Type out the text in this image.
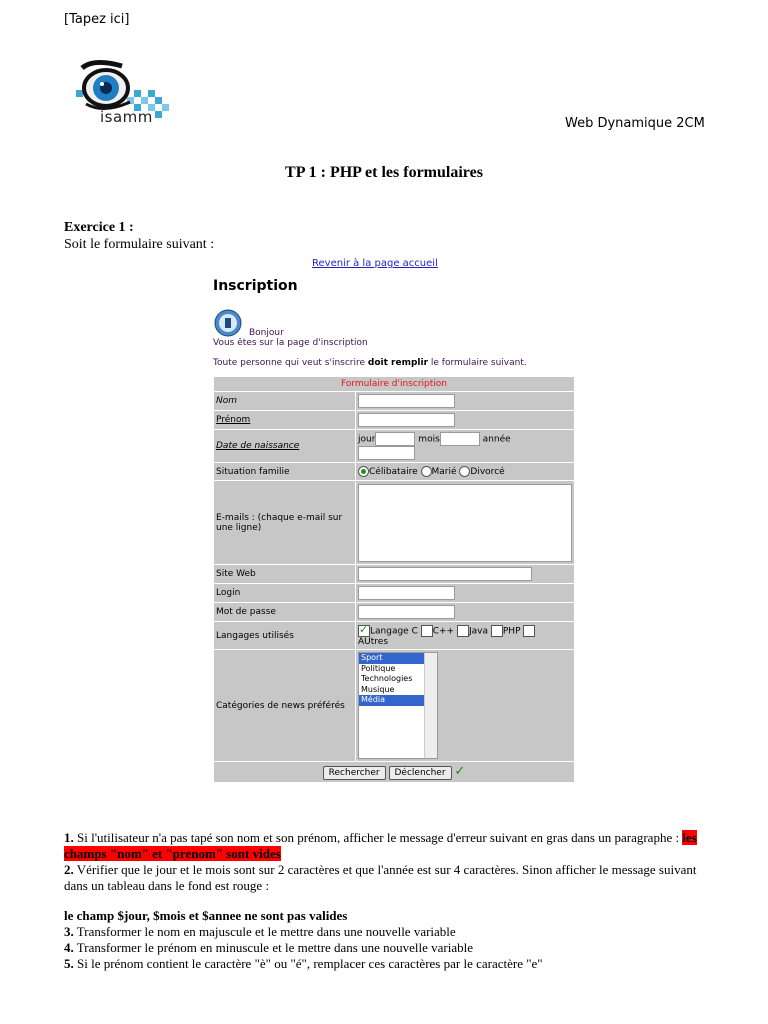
[Tapez ici]
isamm	Web Dynamique 2CM
TP 1 : PHP et les formulaires
Exercice 1 :
Soit le formulaire suivant :
Revenir à la page accueil
Inscription
Bonjour
Vous êtes sur la page d'inscription
Toute personne qui veut s'inscrire doit remplir le formulaire suivant.
Formulaire d'inscription	
Nom	
Prénom	
Date de naissance	jour mois année

Situation familie	Célibataire Marié Divorcé
E-mails : (chaque e-mail sur une ligne)	
Site Web	
Login	
Mot de passe	
Langages utilisés	✓Langage C C++ Java PHP
AUtres
Catégories de news préférés	Sport
Politique
Technologies
Musique
Média

Rechercher Déclencher ✓	
1. Si l'utilisateur n'a pas tapé son nom et son prénom, afficher le message d'erreur suivant en gras dans un paragraphe : les champs "nom" et "prenom" sont vides
2. Vérifier que le jour et le mois sont sur 2 caractères et que l'année est sur 4 caractères. Sinon afficher le message suivant dans un tableau dans le fond est rouge :
le champ $jour, $mois et $annee ne sont pas valides
3. Transformer le nom en majuscule et le mettre dans une nouvelle variable
4. Transformer le prénom en minuscule et le mettre dans une nouvelle variable
5. Si le prénom contient le caractère "è" ou "é", remplacer ces caractères par le caractère "e"
